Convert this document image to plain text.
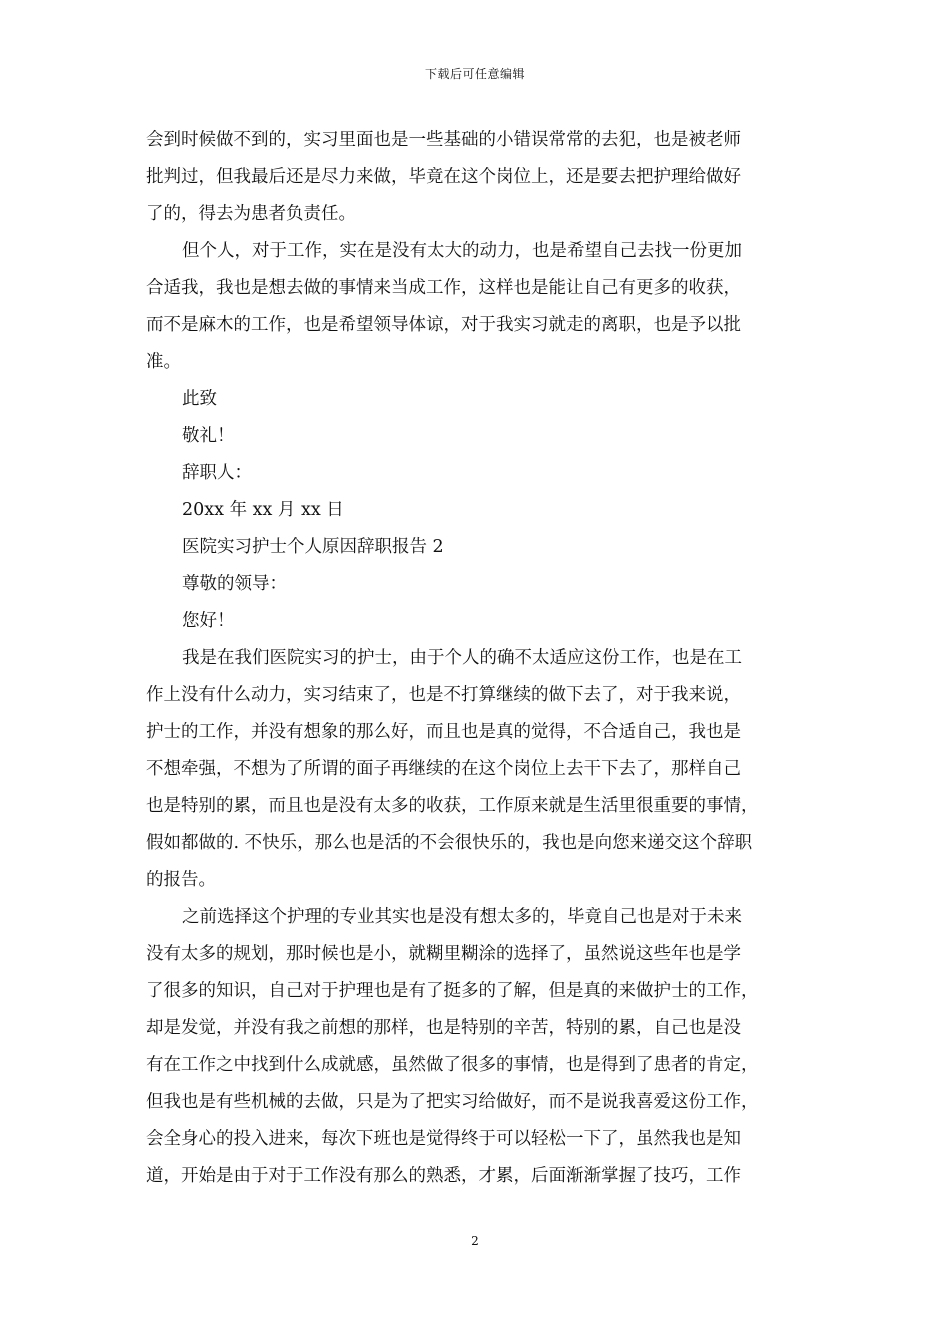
下载后可任意编辑
会到时候做不到的，实习里面也是一些基础的小错误常常的去犯，也是被老师
批判过，但我最后还是尽力来做，毕竟在这个岗位上，还是要去把护理给做好
了的，得去为患者负责任。
但个人，对于工作，实在是没有太大的动力，也是希望自己去找一份更加
合适我，我也是想去做的事情来当成工作，这样也是能让自己有更多的收获，
而不是麻木的工作，也是希望领导体谅，对于我实习就走的离职，也是予以批
准。
此致
敬礼！
辞职人：
20xx 年 xx 月 xx 日
医院实习护士个人原因辞职报告 2
尊敬的领导：
您好！
我是在我们医院实习的护士，由于个人的确不太适应这份工作，也是在工
作上没有什么动力，实习结束了，也是不打算继续的做下去了，对于我来说，
护士的工作，并没有想象的那么好，而且也是真的觉得，不合适自己，我也是
不想牵强，不想为了所谓的面子再继续的在这个岗位上去干下去了，那样自己
也是特别的累，而且也是没有太多的收获，工作原来就是生活里很重要的事情，
假如都做的. 不快乐，那么也是活的不会很快乐的，我也是向您来递交这个辞职
的报告。
之前选择这个护理的专业其实也是没有想太多的，毕竟自己也是对于未来
没有太多的规划，那时候也是小，就糊里糊涂的选择了，虽然说这些年也是学
了很多的知识，自己对于护理也是有了挺多的了解，但是真的来做护士的工作，
却是发觉，并没有我之前想的那样，也是特别的辛苦，特别的累，自己也是没
有在工作之中找到什么成就感，虽然做了很多的事情，也是得到了患者的肯定，
但我也是有些机械的去做，只是为了把实习给做好，而不是说我喜爱这份工作，
会全身心的投入进来，每次下班也是觉得终于可以轻松一下了，虽然我也是知
道，开始是由于对于工作没有那么的熟悉，才累，后面渐渐掌握了技巧，工作
2
